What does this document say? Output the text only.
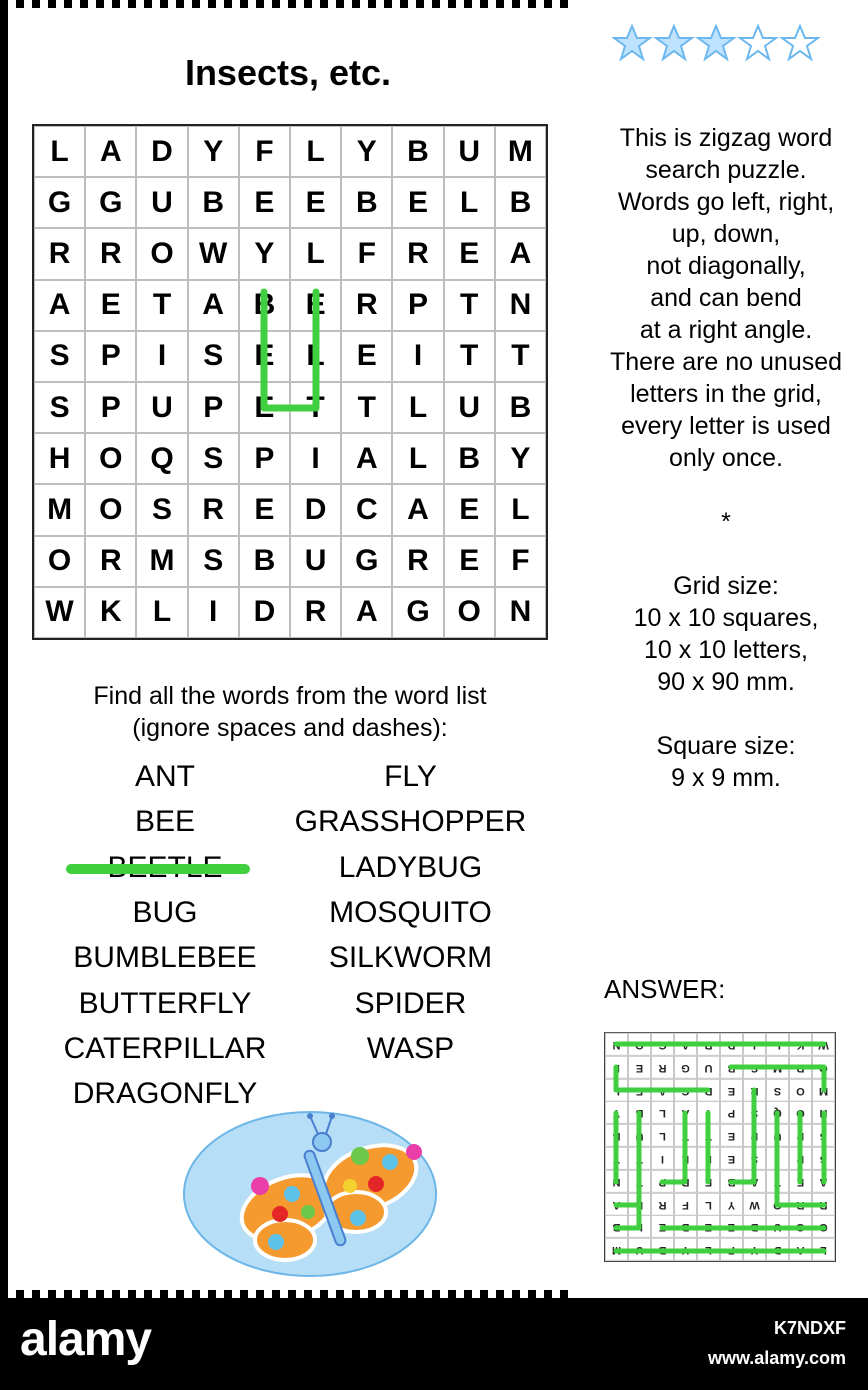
Insects, etc.
L	A D	Y	F	L	Y	B U M
G G U B	E	E	B	E	L	B
R R O W Y	L	F	R	E	A
A	E	T	A B	E	R	P	T	N
S	P	I	S	E	L	E	I	T	T
S	P	U	P	E	T	T	L	U B
H O Q S	P	I	A	L	B	Y
M O S	R	E	D C A	E	L
O R M S	B U G R	E	F
W K	L	I	D R A G O N
Find all the words from the word list
(ignore spaces and dashes):
ANT
BEE
BUG
BUMBLEBEE
BUTTERFLY
CATERPILLAR
DRAGONFLY
FLY
GRASSHOPPER
LADYBUG
MOSQUITO
SILKWORM
SPIDER
WASP
This is zigzag word
search puzzle.
Words go left, right,
up, down,
not diagonally,
and can bend
at a right angle.
There are no unused
letters in the grid,
every letter is used
only once.

*

Grid size:
10 x 10 squares,
10 x 10 letters,
90 x 90 mm.

Square size:
9 x 9 mm.
ANSWER:
N	O	G	A	R	D	I	L	K	W
F	E	R	G	U	B	S	M	R	O
L	E	A	C	D	E	R	S	O	M
Y	B	L	A	I	P	S	Q	O	H
B	U	L	T	T	E	P	U	P	S
T	T	I	E	L	E	S	I	P	S
N	T	P	R	E	B	A	T	E	A
A	E	R	F	L	Y	W	O	R	R
B	L	E	B	E	E	B	U	G	G
M	U	B	Y	L	F	Y	D	A	L
alamy	K7NDXF
www.alamy.com
